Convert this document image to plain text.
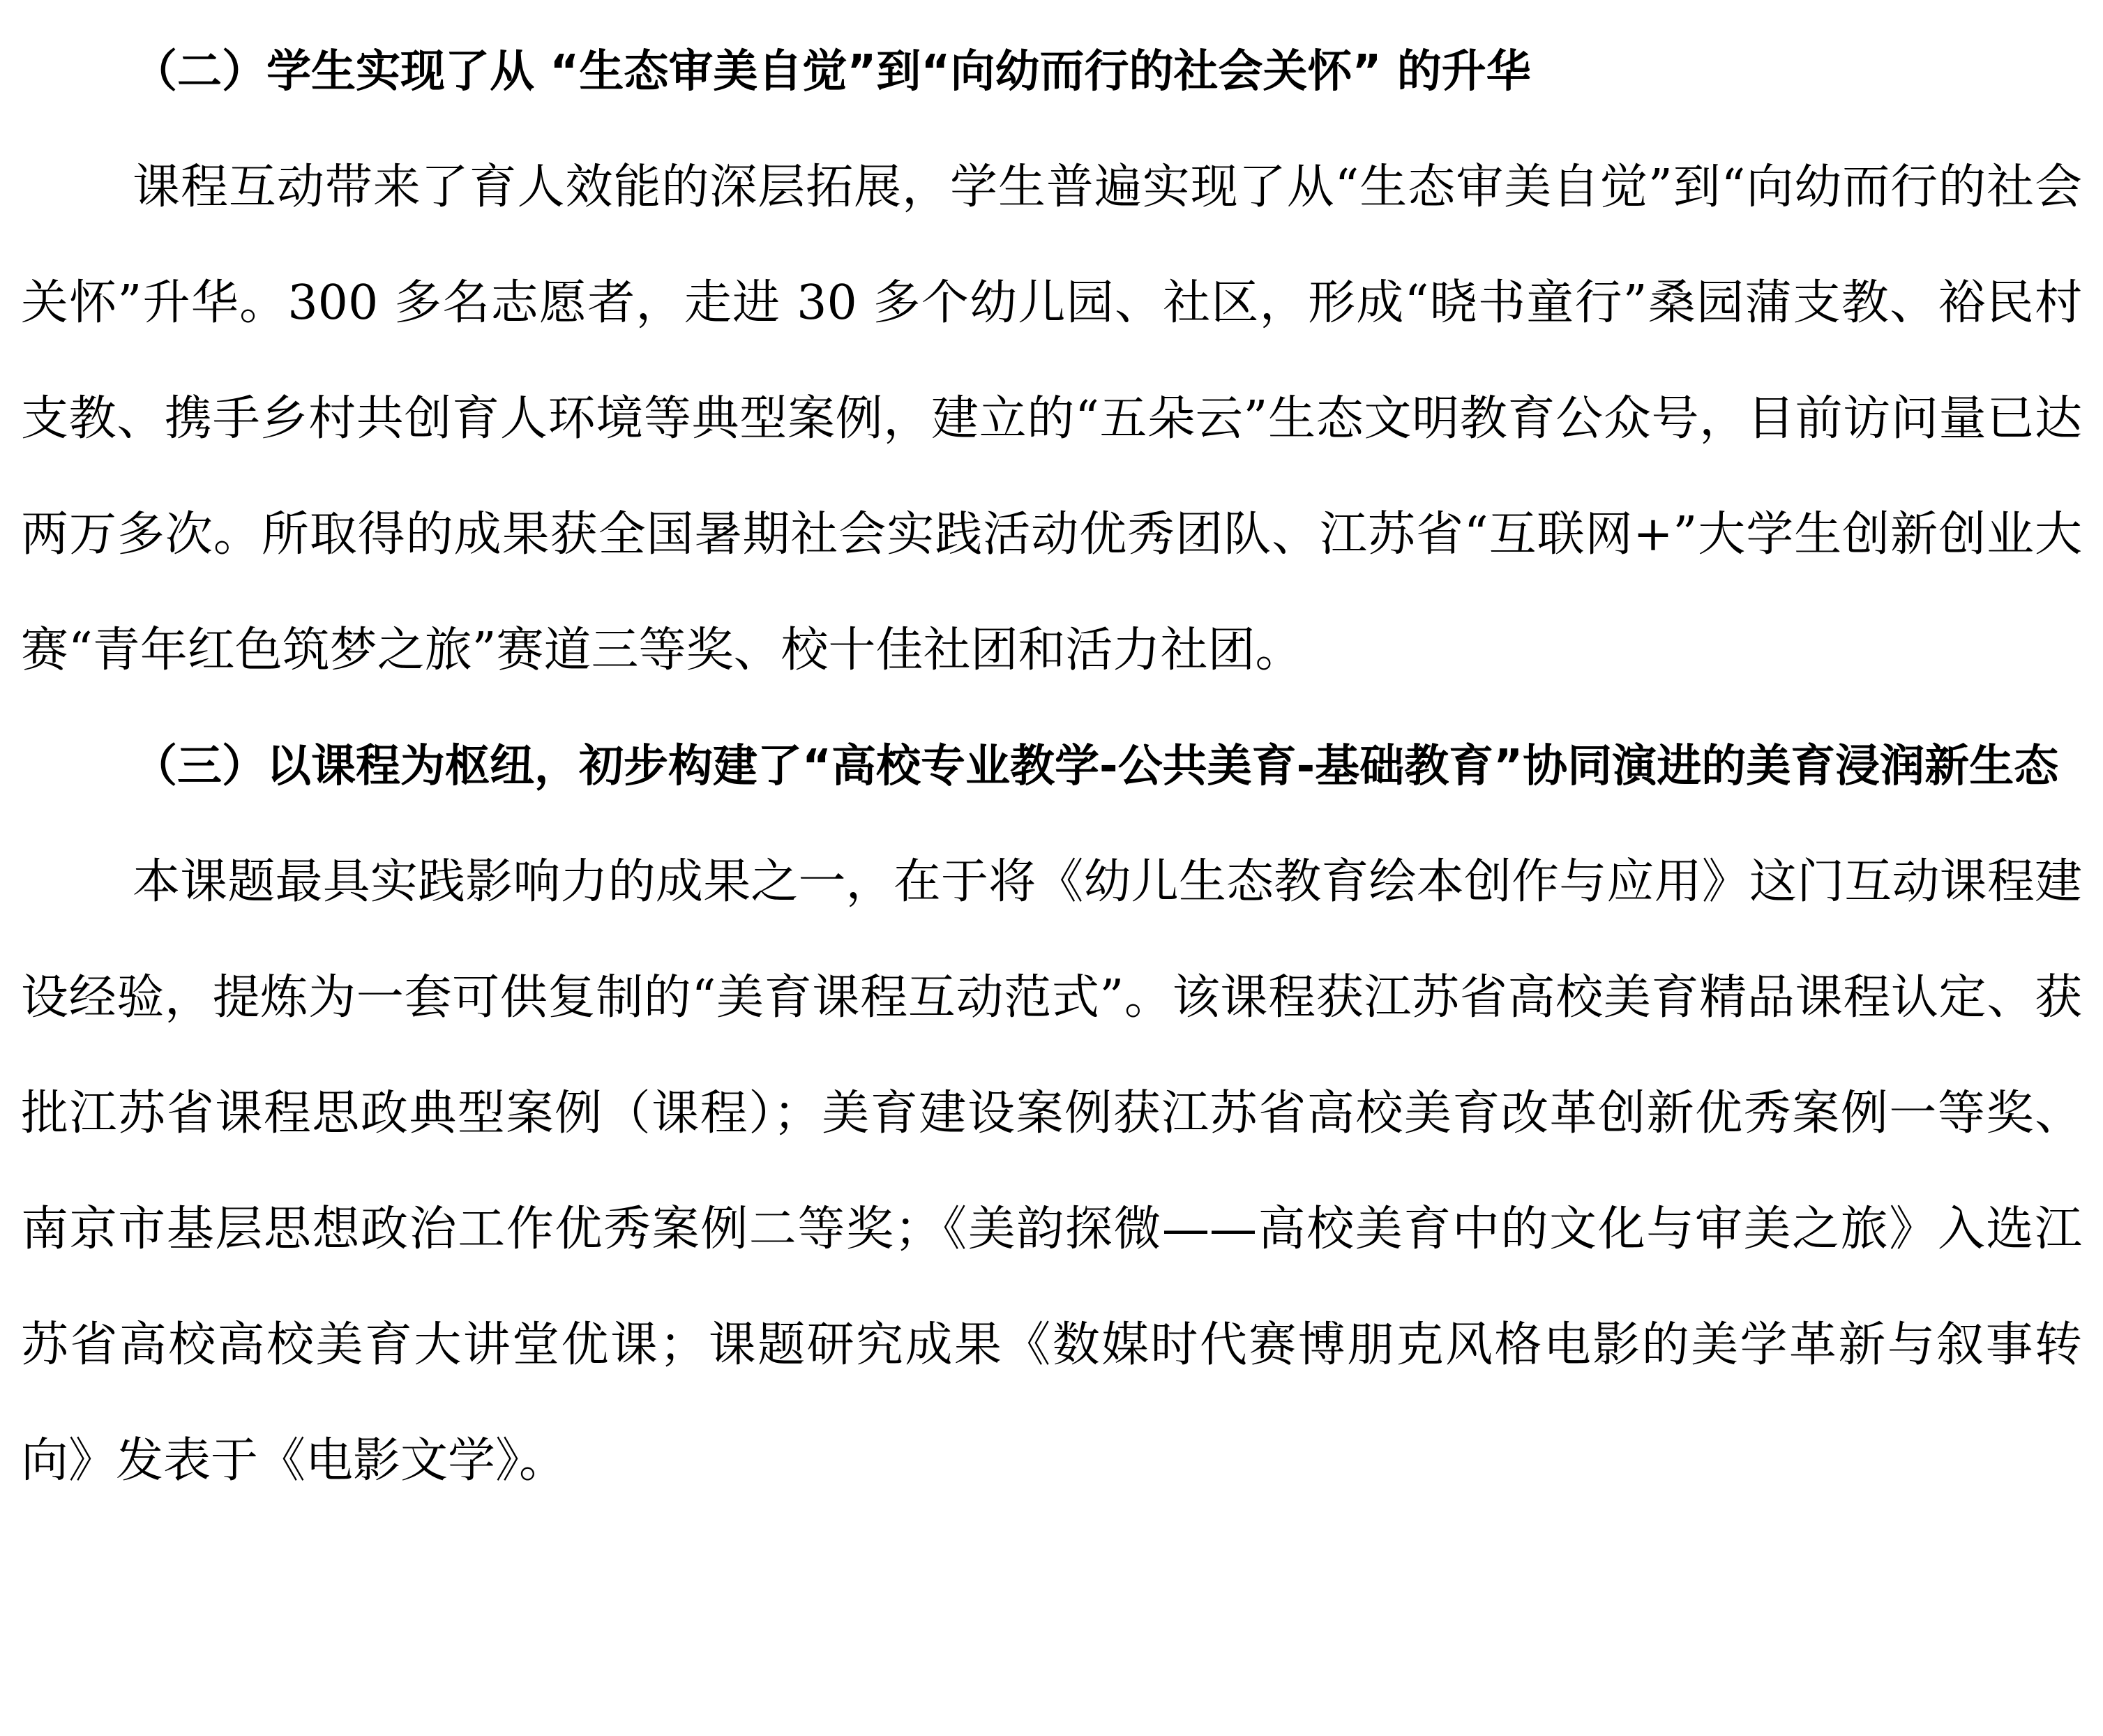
（二）学生实现了从 “生态审美自觉”到“向幼而行的社会关怀” 的升华

课程互动带来了育人效能的深层拓展，学生普遍实现了从“生态审美自觉”到“向幼而行的社会关怀”升华。300 多名志愿者，走进 30 多个幼儿园、社区，形成“晓书童行”桑园蒲支教、裕民村支教、携手乡村共创育人环境等典型案例，建立的“五朵云”生态文明教育公众号，目前访问量已达两万多次。所取得的成果获全国暑期社会实践活动优秀团队、江苏省“互联网+”大学生创新创业大赛“青年红色筑梦之旅”赛道三等奖、校十佳社团和活力社团。

（三）以课程为枢纽，初步构建了“高校专业教学-公共美育-基础教育”协同演进的美育浸润新生态

本课题最具实践影响力的成果之一，在于将《幼儿生态教育绘本创作与应用》这门互动课程建设经验，提炼为一套可供复制的“美育课程互动范式”。该课程获江苏省高校美育精品课程认定、获批江苏省课程思政典型案例（课程）；美育建设案例获江苏省高校美育改革创新优秀案例一等奖、南京市基层思想政治工作优秀案例二等奖；《美韵探微——高校美育中的文化与审美之旅》入选江苏省高校高校美育大讲堂优课；课题研究成果《数媒时代赛博朋克风格电影的美学革新与叙事转向》发表于《电影文学》。
